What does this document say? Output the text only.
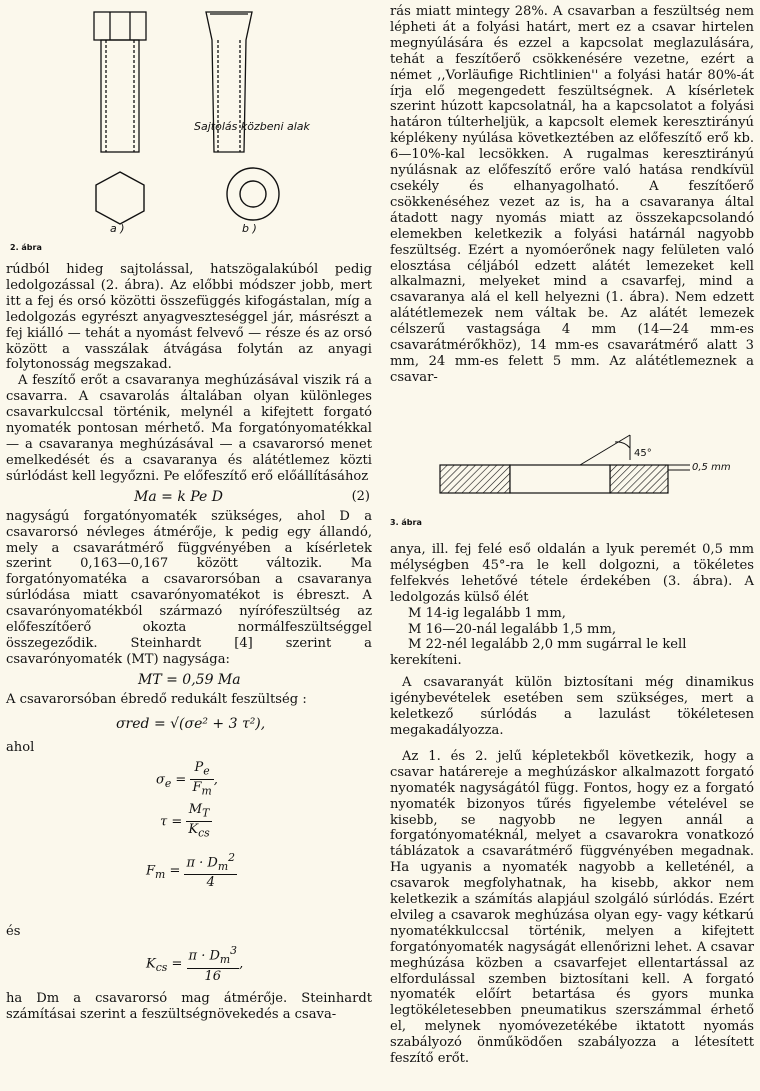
Sajtolás közbeni alak
a )	b )
2. ábra

rúdból hideg sajtolással, hatszögalakúból pedig ledolgozással (2. ábra). Az előbbi módszer jobb, mert itt a fej és orsó közötti összefüggés kifogástalan, míg a ledolgozás egyrészt anyagveszteséggel jár, másrészt a fej kiálló — tehát a nyomást felvevő — része és az orsó között a vasszálak átvágása folytán az anyagi folytonosság megszakad.

A feszítő erőt a csavaranya meghúzásával viszik rá a csavarra. A csavarolás általában olyan különleges csavarkulccsal történik, melynél a kifejtett forgató nyomaték pontosan mérhető. Ma forgatónyomatékkal — a csavaranya meghúzásával — a csavarorsó menet emelkedését és a csavaranya és alátétlemez közti súrlódást kell legyőzni. Pe előfeszítő erő előállításához

Ma = k Pe D	(2)

nagyságú forgatónyomaték szükséges, ahol D a csavarorsó névleges átmérője, k pedig egy állandó, mely a csavarátmérő függvényében a kísérletek szerint 0,163—0,167 között változik. Ma forgatónyomatéka a csavarorsóban a csavaranya súrlódása miatt csavarónyomatékot is ébreszt. A csavarónyomatékból származó nyírófeszültség az előfeszítőerő okozta normálfeszültséggel összegeződik. Steinhardt [4] szerint a csavarónyomaték (MT) nagysága:

MT = 0,59 Ma

A csavarorsóban ébredő redukált feszültség :

σred = √(σe² + 3 τ²),

ahol

$\sigma_e = \frac{P_e}{F_m}$ ,
$\tau = \frac{M_T}{K_{cs}}$
$F_m = \frac{\pi \cdot D_m^2}{4}$

és

$K_{cs} = \frac{\pi \cdot D_m^3}{16}$ ,

ha Dm a csavarorsó mag átmérője. Steinhardt számításai szerint a feszültségnövekedés a csava-

rás miatt mintegy 28%. A csavarban a feszültség nem lépheti át a folyási határt, mert ez a csavar hirtelen megnyúlására és ezzel a kapcsolat meglazulására, tehát a feszítőerő csökkenésére vezetne, ezért a német ,,Vorläufige Richtlinien'' a folyási határ 80%-át írja elő megengedett feszültségnek. A kísérletek szerint húzott kapcsolatnál, ha a kapcsolatot a folyási határon túlterheljük, a kapcsolt elemek keresztirányú képlékeny nyúlása következtében az előfeszítő erő kb. 6—10%-kal lecsökken. A rugalmas keresztirányú nyúlásnak az előfeszítő erőre való hatása rendkívül csekély és elhanyagolható. A feszítőerő csökkenéséhez vezet az is, ha a csavaranya által átadott nagy nyomás miatt az összekapcsolandó elemekben keletkezik a folyási határnál nagyobb feszültség. Ezért a nyomóerőnek nagy felületen való elosztása céljából edzett alátét lemezeket kell alkalmazni, melyeket mind a csavarfej, mind a csavaranya alá el kell helyezni (1. ábra). Nem edzett alátétlemezek nem váltak be. Az alátét lemezek célszerű vastagsága 4 mm (14—24 mm-es csavarátmérőkhöz), 14 mm-es csavarátmérő alatt 3 mm, 24 mm-es felett 5 mm. Az alátétlemeznek a csavar-

45°
0,5 mm
3. ábra

anya, ill. fej felé eső oldalán a lyuk peremét 0,5 mm mélységben 45°-ra le kell dolgozni, a tökéletes felfekvés lehetővé tétele érdekében (3. ábra). A ledolgozás külső élét

M 14-ig legalább 1 mm,
M 16—20-nál legalább 1,5 mm,
M 22-nél legalább 2,0 mm sugárral le kell

kerekíteni.

A csavaranyát külön biztosítani még dinamikus igénybevételek esetében sem szükséges, mert a keletkező súrlódás a lazulást tökéletesen megakadályozza.

Az 1. és 2. jelű képletekből következik, hogy a csavar határereje a meghúzáskor alkalmazott forgató nyomaték nagyságától függ. Fontos, hogy ez a forgató nyomaték bizonyos tűrés figyelembe vételével se kisebb, se nagyobb ne legyen annál a forgatónyomatéknál, melyet a csavarokra vonatkozó táblázatok a csavarátmérő függvényében megadnak. Ha ugyanis a nyomaték nagyobb a kelleténél, a csavarok megfolyhatnak, ha kisebb, akkor nem keletkezik a számítás alapjául szolgáló súrlódás. Ezért elvileg a csavarok meghúzása olyan egy- vagy kétkarú nyomatékkulccsal történik, melyen a kifejtett forgatónyomaték nagyságát ellenőrizni lehet. A csavar meghúzása közben a csavarfejet ellentartással az elfordulással szemben biztosítani kell. A forgató nyomaték előírt betartása és gyors munka legtökéletesebben pneumatikus szerszámmal érhető el, melynek nyomóvezetékébe iktatott nyomás szabályozó önműködően szabályozza a létesített feszítő erőt.
